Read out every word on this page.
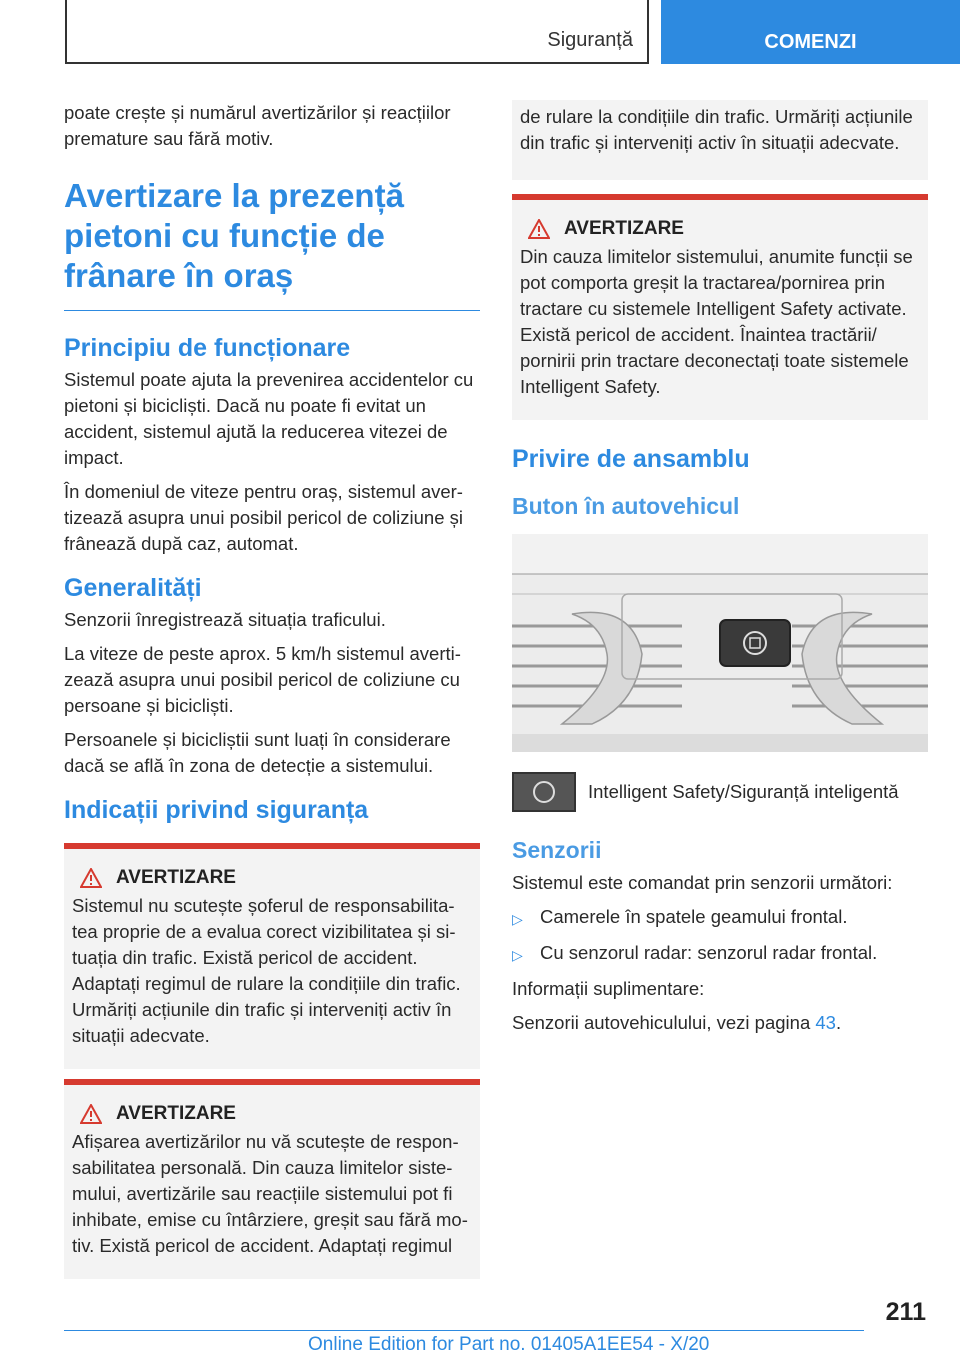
Siguranță	COMENZI

poate crește și numărul avertizărilor și reacțiilor premature sau fără motiv.

Avertizare la prezență pietoni cu funcție de frânare în oraș
Principiu de funcționare

Sistemul poate ajuta la prevenirea accidentelor cu pietoni și bicicliști. Dacă nu poate fi evitat un accident, sistemul ajută la reducerea vitezei de impact.

În domeniul de viteze pentru oraș, sistemul aver- tizează asupra unui posibil pericol de coliziune și frânează după caz, automat.

Generalități

Senzorii înregistrează situația traficului.

La viteze de peste aprox. 5 km/h sistemul averti- zează asupra unui posibil pericol de coliziune cu persoane și bicicliști.

Persoanele și bicicliștii sunt luați în considerare dacă se află în zona de detecție a sistemului.

Indicații privind siguranța
AVERTIZARE

Sistemul nu scutește șoferul de responsabilita- tea proprie de a evalua corect vizibilitatea și si- tuația din trafic. Există pericol de accident. Adaptați regimul de rulare la condițiile din trafic. Urmăriți acțiunile din trafic și interveniți activ în situații adecvate.

AVERTIZARE

Afișarea avertizărilor nu vă scutește de respon- sabilitatea personală. Din cauza limitelor siste- mului, avertizările sau reacțiile sistemului pot fi inhibate, emise cu întârziere, greșit sau fără mo- tiv. Există pericol de accident. Adaptați regimul

de rulare la condițiile din trafic. Urmăriți acțiunile din trafic și interveniți activ în situații adecvate.

AVERTIZARE

Din cauza limitelor sistemului, anumite funcții se pot comporta greșit la tractarea/pornirea prin tractare cu sistemele Intelligent Safety activate. Există pericol de accident. Înaintea tractării/ pornirii prin tractare deconectați toate sistemele Intelligent Safety.

Privire de ansamblu
Buton în autovehicul
Intelligent Safety/Siguranță inteligentă
Senzorii

Sistemul este comandat prin senzorii următori:

▷ Camerele în spatele geamului frontal.
▷ Cu senzorul radar: senzorul radar frontal.

Informații suplimentare:

Senzorii autovehiculului, vezi pagina 43.

211
Online Edition for Part no. 01405A1EE54 - X/20
